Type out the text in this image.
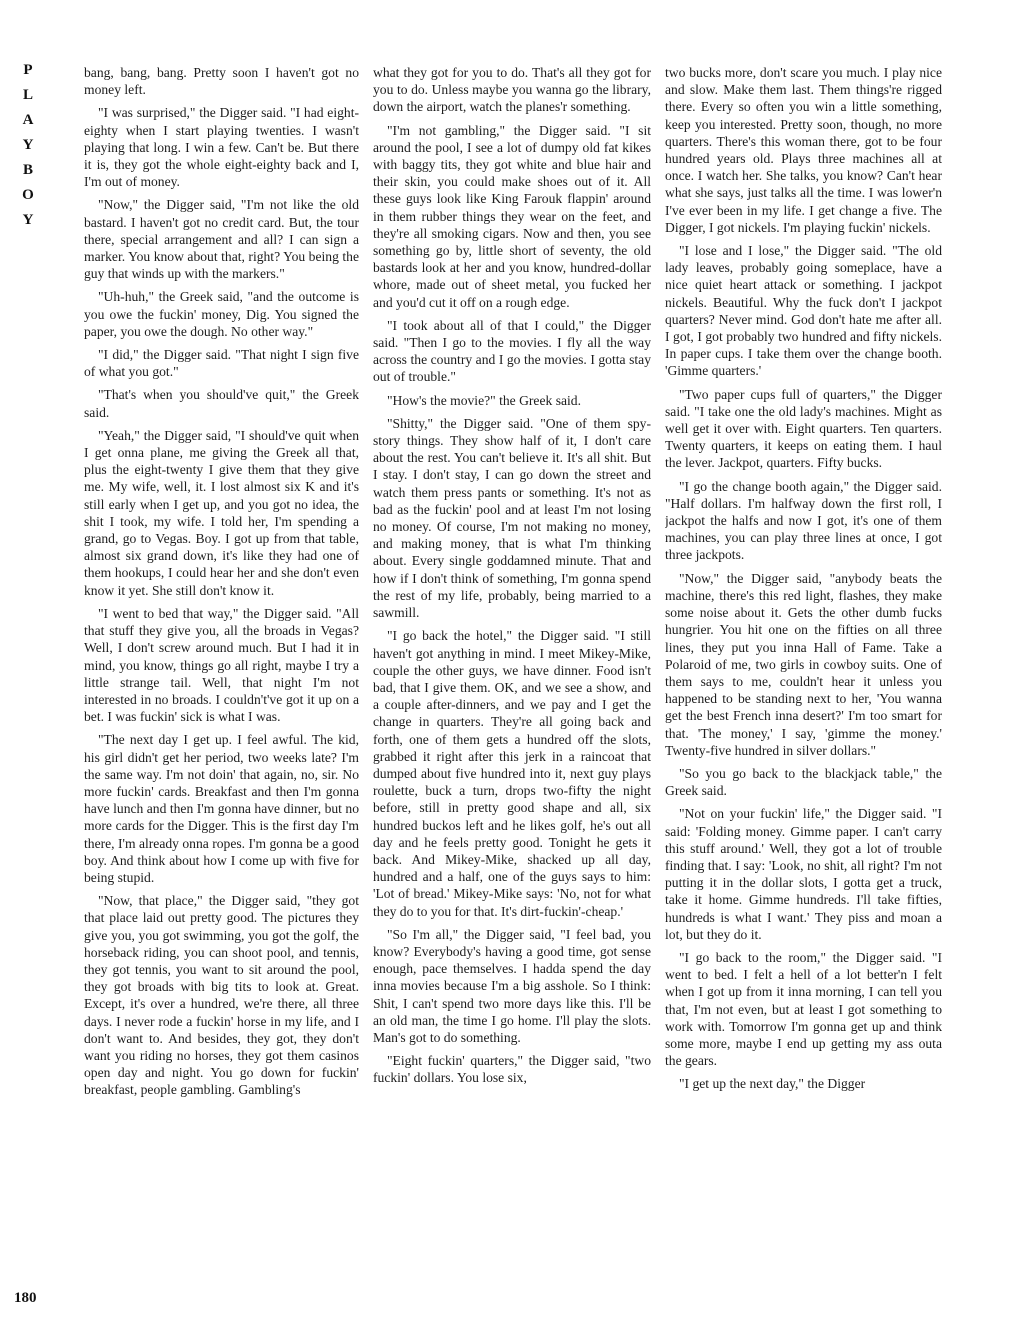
P
L
A
Y
B
O
Y
180

bang, bang, bang. Pretty soon I haven't got no money left.

"I was surprised," the Digger said. "I had eight-eighty when I start playing twenties. I wasn't playing that long. I win a few. Can't be. But there it is, they got the whole eight-eighty back and I, I'm out of money.

"Now," the Digger said, "I'm not like the old bastard. I haven't got no credit card. But, the tour there, special arrangement and all? I can sign a marker. You know about that, right? You being the guy that winds up with the markers."

"Uh-huh," the Greek said, "and the outcome is you owe the fuckin' money, Dig. You signed the paper, you owe the dough. No other way."

"I did," the Digger said. "That night I sign five of what you got."

"That's when you should've quit," the Greek said.

"Yeah," the Digger said, "I should've quit when I get onna plane, me giving the Greek all that, plus the eight-twenty I give them that they give me. My wife, well, it. I lost almost six K and it's still early when I get up, and you got no idea, the shit I took, my wife. I told her, I'm spending a grand, go to Vegas. Boy. I got up from that table, almost six grand down, it's like they had one of them hookups, I could hear her and she don't even know it yet. She still don't know it.

"I went to bed that way," the Digger said. "All that stuff they give you, all the broads in Vegas? Well, I don't screw around much. But I had it in mind, you know, things go all right, maybe I try a little strange tail. Well, that night I'm not interested in no broads. I couldn't've got it up on a bet. I was fuckin' sick is what I was.

"The next day I get up. I feel awful. The kid, his girl didn't get her period, two weeks late? I'm the same way. I'm not doin' that again, no, sir. No more fuckin' cards. Breakfast and then I'm gonna have lunch and then I'm gonna have dinner, but no more cards for the Digger. This is the first day I'm there, I'm already onna ropes. I'm gonna be a good boy. And think about how I come up with five for being stupid.

"Now, that place," the Digger said, "they got that place laid out pretty good. The pictures they give you, you got swimming, you got the golf, the horseback riding, you can shoot pool, and tennis, they got tennis, you want to sit around the pool, they got broads with big tits to look at. Great. Except, it's over a hundred, we're there, all three days. I never rode a fuckin' horse in my life, and I don't want to. And besides, they got, they don't want you riding no horses, they got them casinos open day and night. You go down for fuckin' breakfast, people gambling. Gambling's

what they got for you to do. That's all they got for you to do. Unless maybe you wanna go the library, down the airport, watch the planes'r something.

"I'm not gambling," the Digger said. "I sit around the pool, I see a lot of dumpy old fat kikes with baggy tits, they got white and blue hair and their skin, you could make shoes out of it. All these guys look like King Farouk flappin' around in them rubber things they wear on the feet, and they're all smoking cigars. Now and then, you see something go by, little short of seventy, the old bastards look at her and you know, hundred-dollar whore, made out of sheet metal, you fucked her and you'd cut it off on a rough edge.

"I took about all of that I could," the Digger said. "Then I go to the movies. I fly all the way across the country and I go the movies. I gotta stay out of trouble."

"How's the movie?" the Greek said.

"Shitty," the Digger said. "One of them spy-story things. They show half of it, I don't care about the rest. You can't believe it. It's all shit. But I stay. I don't stay, I can go down the street and watch them press pants or something. It's not as bad as the fuckin' pool and at least I'm not losing no money. Of course, I'm not making no money, and making money, that is what I'm thinking about. Every single goddamned minute. That and how if I don't think of something, I'm gonna spend the rest of my life, probably, being married to a sawmill.

"I go back the hotel," the Digger said. "I still haven't got anything in mind. I meet Mikey-Mike, couple the other guys, we have dinner. Food isn't bad, that I give them. OK, and we see a show, and a couple after-dinners, and we pay and I get the change in quarters. They're all going back and forth, one of them gets a hundred off the slots, grabbed it right after this jerk in a raincoat that dumped about five hundred into it, next guy plays roulette, buck a turn, drops two-fifty the night before, still in pretty good shape and all, six hundred buckos left and he likes golf, he's out all day and he feels pretty good. Tonight he gets it back. And Mikey-Mike, shacked up all day, hundred and a half, one of the guys says to him: 'Lot of bread.' Mikey-Mike says: 'No, not for what they do to you for that. It's dirt-fuckin'-cheap.'

"So I'm all," the Digger said, "I feel bad, you know? Everybody's having a good time, got sense enough, pace themselves. I hadda spend the day inna movies because I'm a big asshole. So I think: Shit, I can't spend two more days like this. I'll be an old man, the time I go home. I'll play the slots. Man's got to do something.

"Eight fuckin' quarters," the Digger said, "two fuckin' dollars. You lose six,

two bucks more, don't scare you much. I play nice and slow. Make them last. Them things're rigged there. Every so often you win a little something, keep you interested. Pretty soon, though, no more quarters. There's this woman there, got to be four hundred years old. Plays three machines all at once. I watch her. She talks, you know? Can't hear what she says, just talks all the time. I was lower'n I've ever been in my life. I get change a five. The Digger, I got nickels. I'm playing fuckin' nickels.

"I lose and I lose," the Digger said. "The old lady leaves, probably going someplace, have a nice quiet heart attack or something. I jackpot nickels. Beautiful. Why the fuck don't I jackpot quarters? Never mind. God don't hate me after all. I got, I got probably two hundred and fifty nickels. In paper cups. I take them over the change booth. 'Gimme quarters.'

"Two paper cups full of quarters," the Digger said. "I take one the old lady's machines. Might as well get it over with. Eight quarters. Ten quarters. Twenty quarters, it keeps on eating them. I haul the lever. Jackpot, quarters. Fifty bucks.

"I go the change booth again," the Digger said. "Half dollars. I'm halfway down the first roll, I jackpot the halfs and now I got, it's one of them machines, you can play three lines at once, I got three jackpots.

"Now," the Digger said, "anybody beats the machine, there's this red light, flashes, they make some noise about it. Gets the other dumb fucks hungrier. You hit one on the fifties on all three lines, they put you inna Hall of Fame. Take a Polaroid of me, two girls in cowboy suits. One of them says to me, couldn't hear it unless you happened to be standing next to her, 'You wanna get the best French inna desert?' I'm too smart for that. 'The money,' I say, 'gimme the money.' Twenty-five hundred in silver dollars."

"So you go back to the blackjack table," the Greek said.

"Not on your fuckin' life," the Digger said. "I said: 'Folding money. Gimme paper. I can't carry this stuff around.' Well, they got a lot of trouble finding that. I say: 'Look, no shit, all right? I'm not putting it in the dollar slots, I gotta get a truck, take it home. Gimme hundreds. I'll take fifties, hundreds is what I want.' They piss and moan a lot, but they do it.

"I go back to the room," the Digger said. "I went to bed. I felt a hell of a lot better'n I felt when I got up from it inna morning, I can tell you that, I'm not even, but at least I got something to work with. Tomorrow I'm gonna get up and think some more, maybe I end up getting my ass outa the gears.

"I get up the next day," the Digger
